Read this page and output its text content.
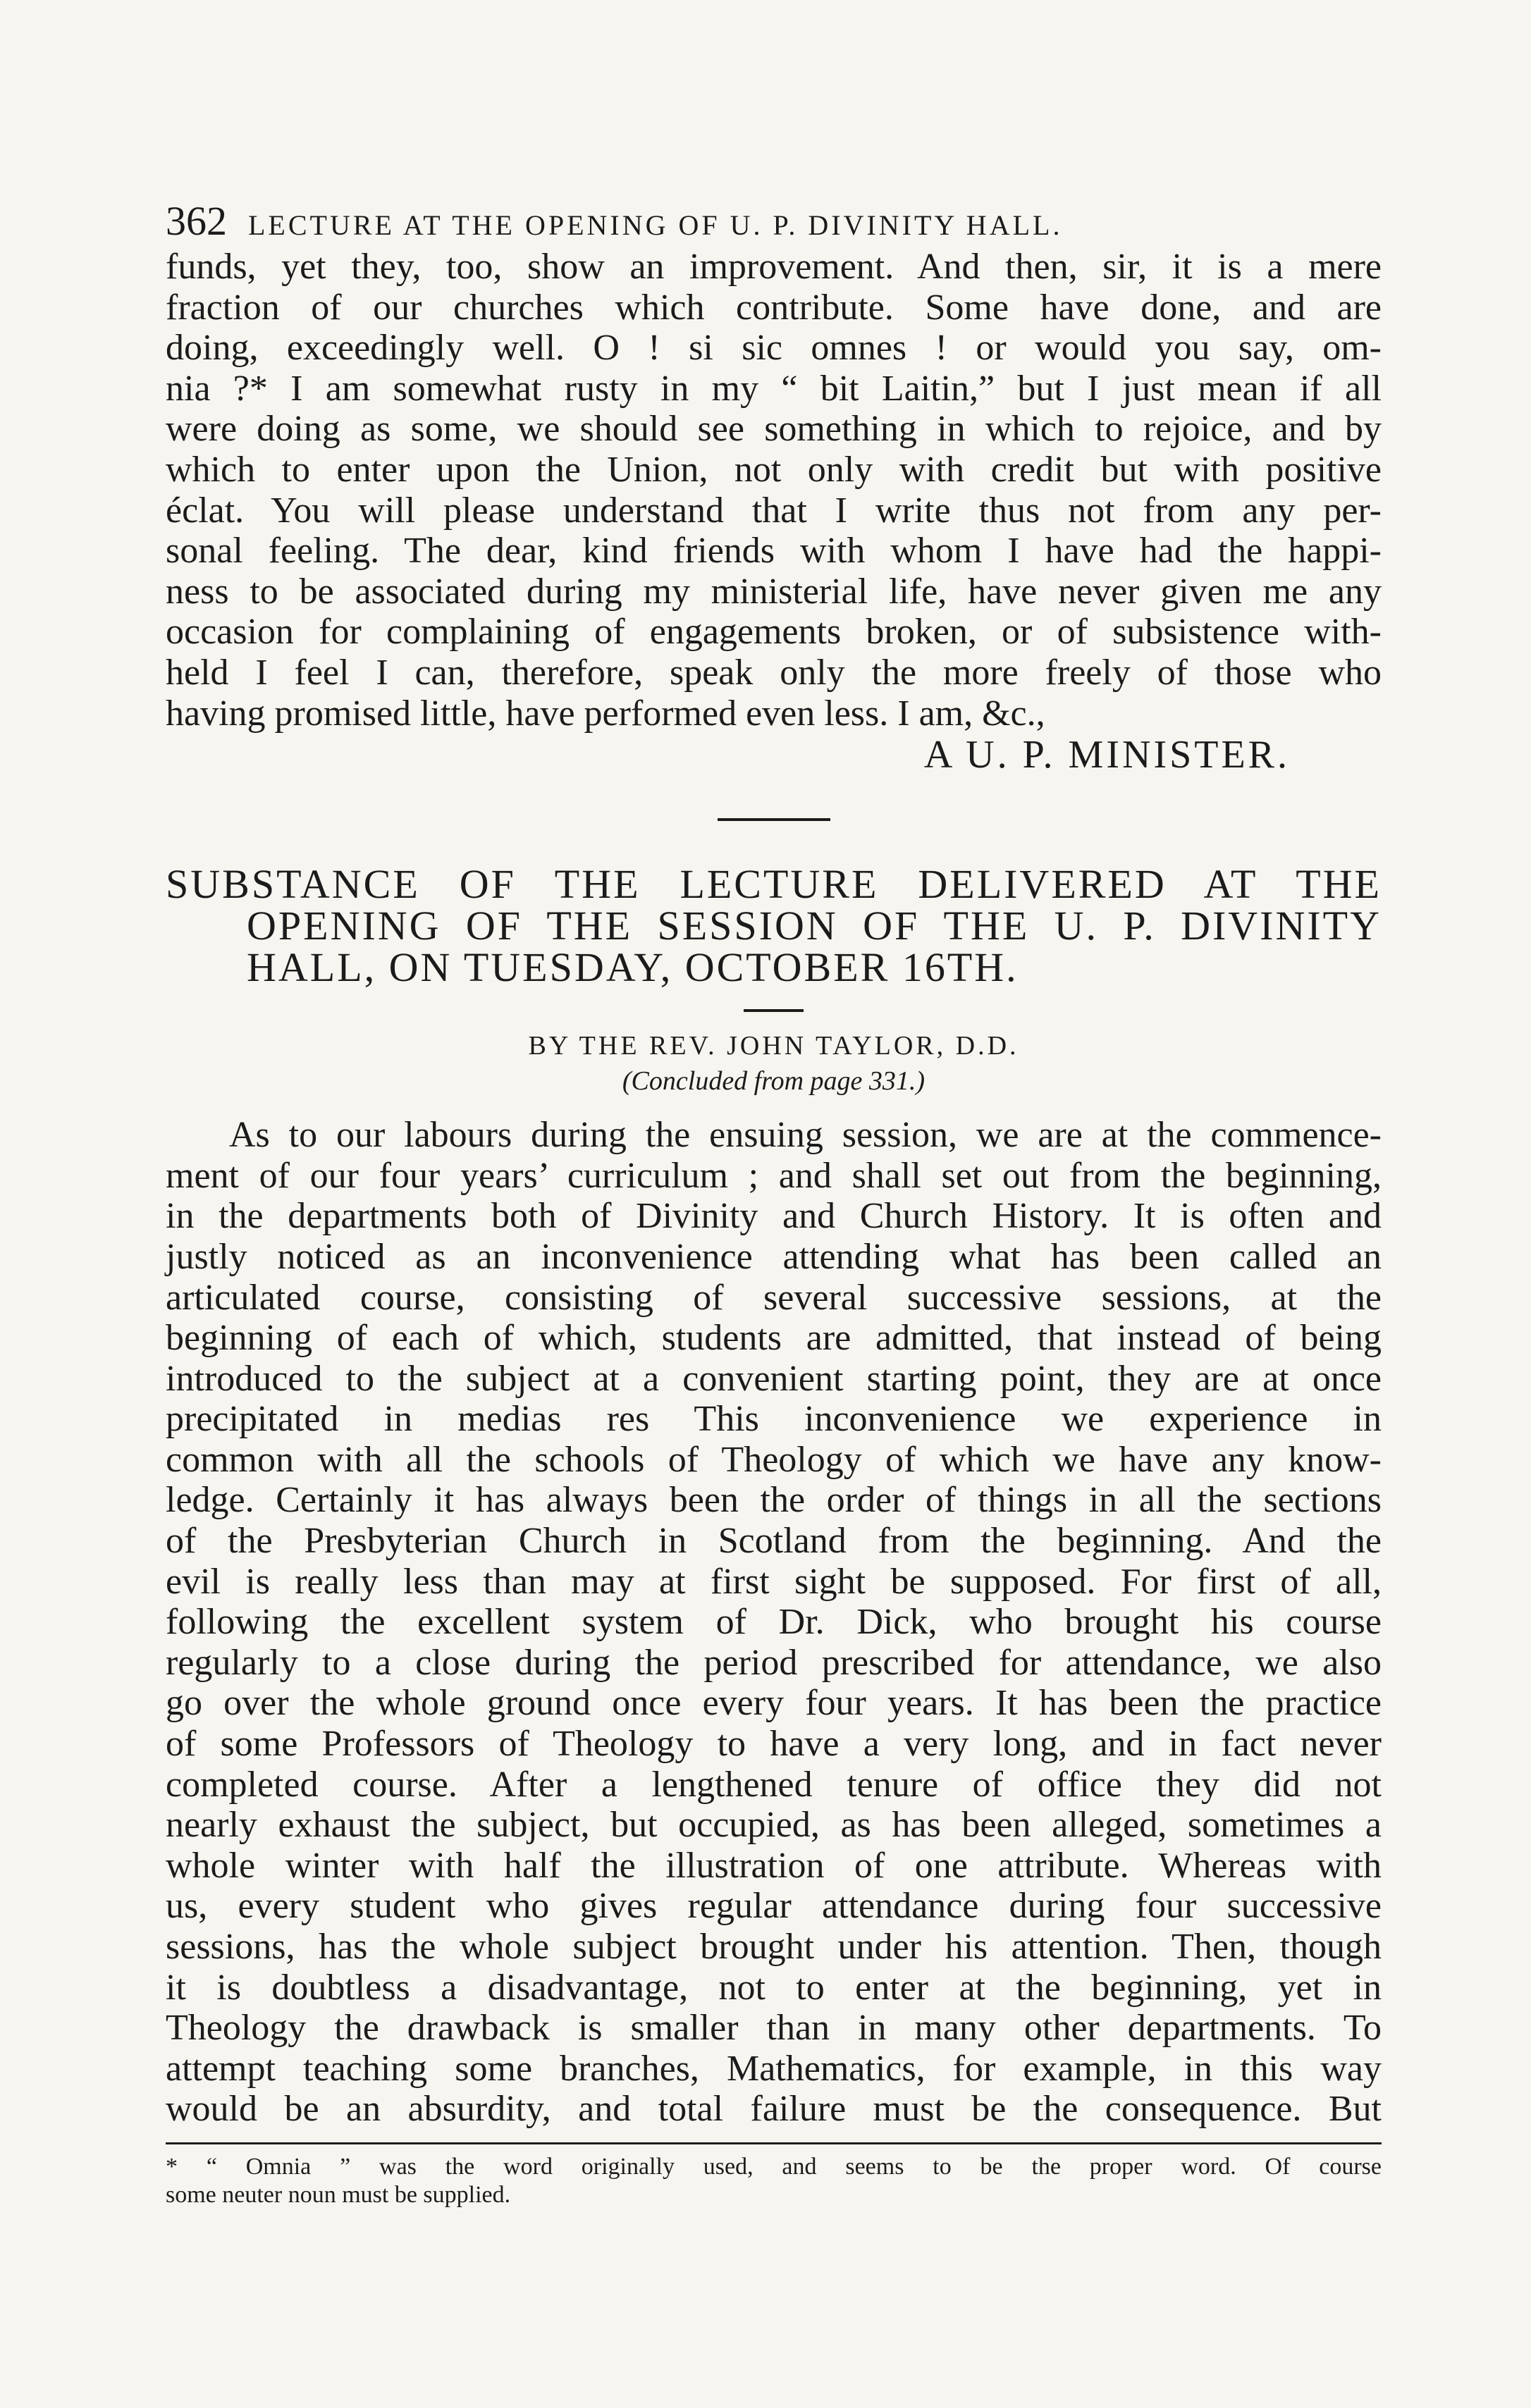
362 LECTURE AT THE OPENING OF U. P. DIVINITY HALL.
funds, yet they, too, show an improvement. And then, sir, it is a mere
fraction of our churches which contribute. Some have done, and are
doing, exceedingly well. O ! si sic omnes ! or would you say, om-
nia ?* I am somewhat rusty in my “ bit Laitin,” but I just mean if all
were doing as some, we should see something in which to rejoice, and by
which to enter upon the Union, not only with credit but with positive
éclat. You will please understand that I write thus not from any per-
sonal feeling. The dear, kind friends with whom I have had the happi-
ness to be associated during my ministerial life, have never given me any
occasion for complaining of engagements broken, or of subsistence with-
held I feel I can, therefore, speak only the more freely of those who
having promised little, have performed even less. I am, &c.,
A U. P. MINISTER.
SUBSTANCE OF THE LECTURE DELIVERED AT THE
OPENING OF THE SESSION OF THE U. P. DIVINITY
HALL, ON TUESDAY, OCTOBER 16TH.
BY THE REV. JOHN TAYLOR, D.D.
(Concluded from page 331.)
As to our labours during the ensuing session, we are at the commence-
ment of our four years’ curriculum ; and shall set out from the beginning,
in the departments both of Divinity and Church History. It is often and
justly noticed as an inconvenience attending what has been called an
articulated course, consisting of several successive sessions, at the
beginning of each of which, students are admitted, that instead of being
introduced to the subject at a convenient starting point, they are at once
precipitated in medias res This inconvenience we experience in
common with all the schools of Theology of which we have any know-
ledge. Certainly it has always been the order of things in all the sections
of the Presbyterian Church in Scotland from the beginning. And the
evil is really less than may at first sight be supposed. For first of all,
following the excellent system of Dr. Dick, who brought his course
regularly to a close during the period prescribed for attendance, we also
go over the whole ground once every four years. It has been the practice
of some Professors of Theology to have a very long, and in fact never
completed course. After a lengthened tenure of office they did not
nearly exhaust the subject, but occupied, as has been alleged, sometimes a
whole winter with half the illustration of one attribute. Whereas with
us, every student who gives regular attendance during four successive
sessions, has the whole subject brought under his attention. Then, though
it is doubtless a disadvantage, not to enter at the beginning, yet in
Theology the drawback is smaller than in many other departments. To
attempt teaching some branches, Mathematics, for example, in this way
would be an absurdity, and total failure must be the consequence. But
* “ Omnia ” was the word originally used, and seems to be the proper word. Of course
some neuter noun must be supplied.
